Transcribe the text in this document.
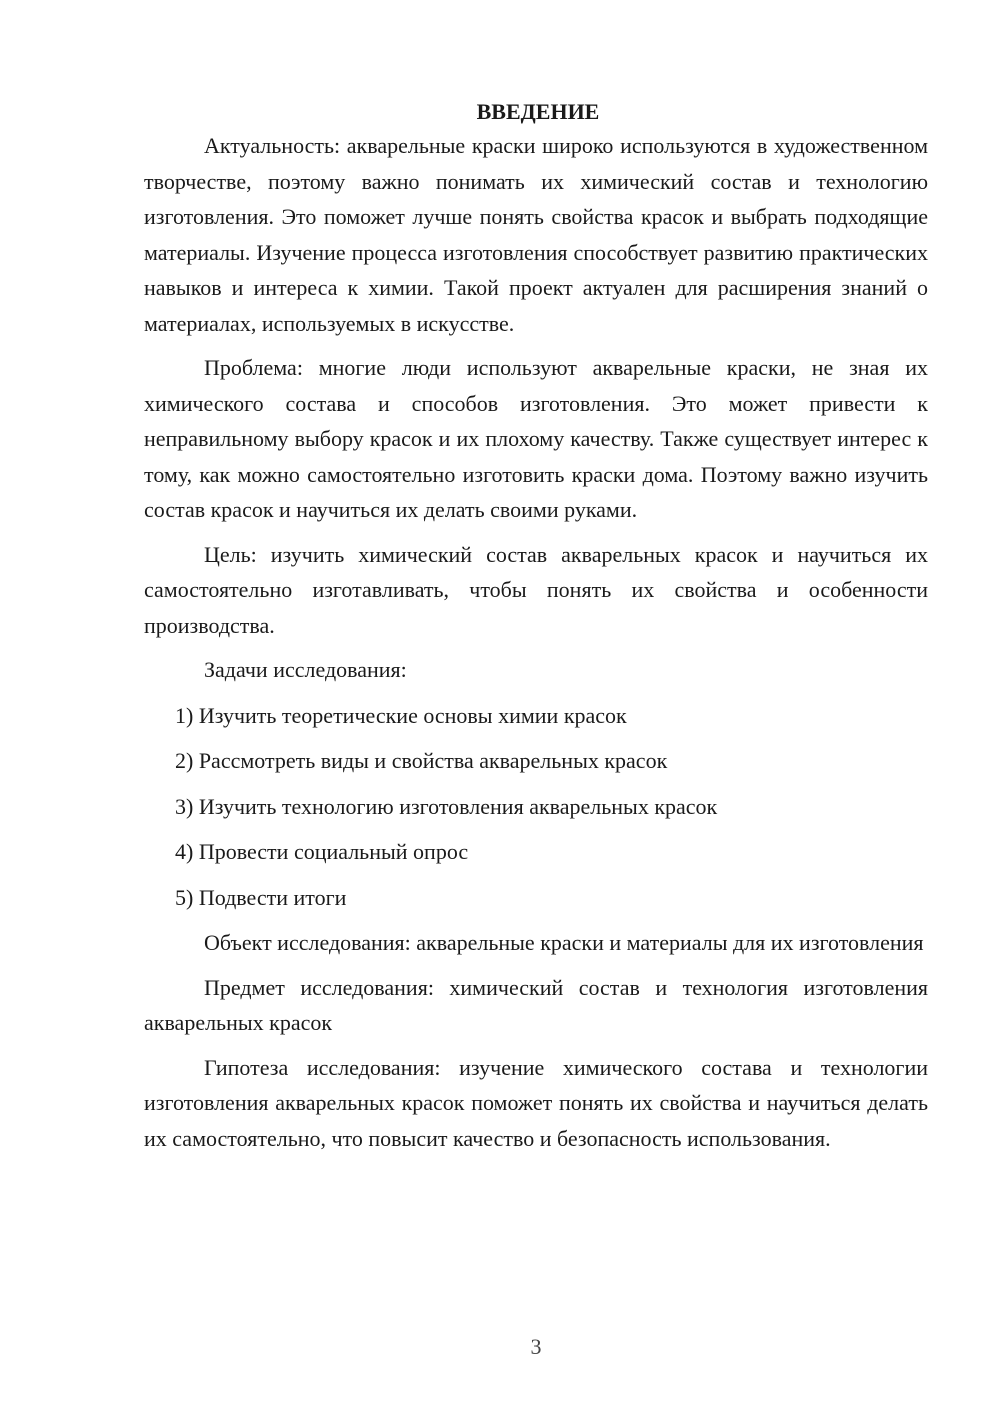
ВВЕДЕНИЕ

Актуальность: акварельные краски широко используются в художественном творчестве, поэтому важно понимать их химический состав и технологию изготовления. Это поможет лучше понять свойства красок и выбрать подходящие материалы. Изучение процесса изготовления способствует развитию практических навыков и интереса к химии. Такой проект актуален для расширения знаний о материалах, используемых в искусстве.

Проблема: многие люди используют акварельные краски, не зная их химического состава и способов изготовления. Это может привести к неправильному выбору красок и их плохому качеству. Также существует интерес к тому, как можно самостоятельно изготовить краски дома. Поэтому важно изучить состав красок и научиться их делать своими руками.

Цель: изучить химический состав акварельных красок и научиться их самостоятельно изготавливать, чтобы понять их свойства и особенности производства.

Задачи исследования:

1) Изучить теоретические основы химии красок
2) Рассмотреть виды и свойства акварельных красок
3) Изучить технологию изготовления акварельных красок
4) Провести социальный опрос
5) Подвести итоги

Объект исследования: акварельные краски и материалы для их изготовления

Предмет исследования: химический состав и технология изготовления акварельных красок

Гипотеза исследования: изучение химического состава и технологии изготовления акварельных красок поможет понять их свойства и научиться делать их самостоятельно, что повысит качество и безопасность использования.

3
